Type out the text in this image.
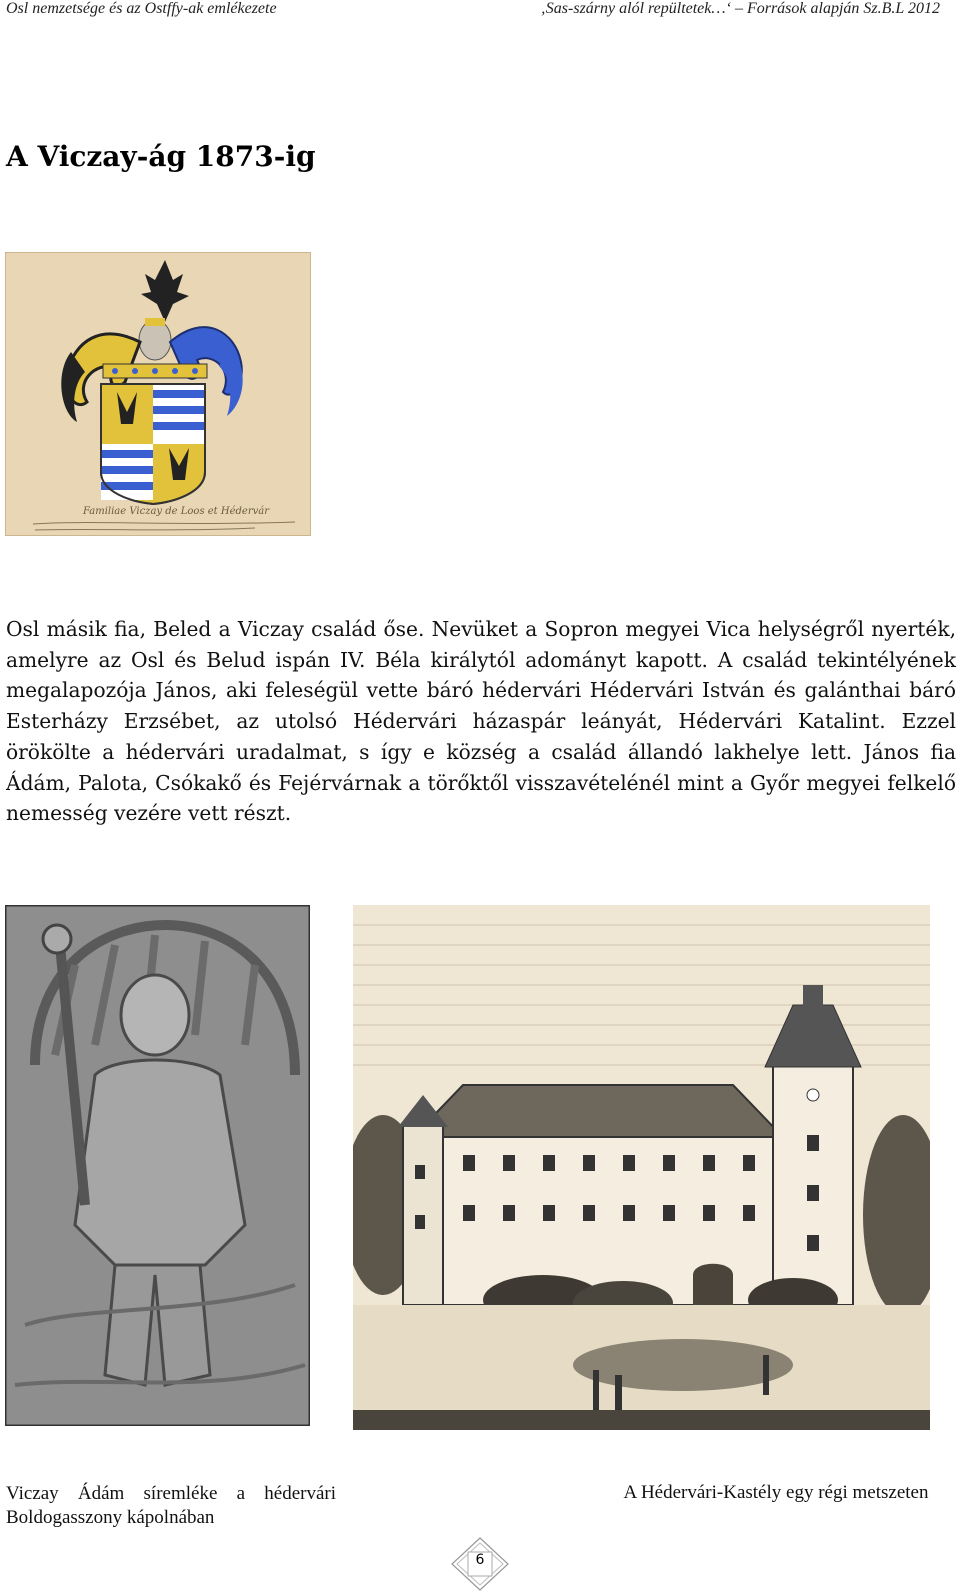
Osl nemzetsége és az Ostffy-ak emlékezete	‚Sas-szárny alól repültetek…‘ – Források alapján Sz.B.L 2012
A Viczay-ág 1873-ig
Familiae Viczay de Loos et Hédervár

Osl másik fia, Beled a Viczay család őse. Nevüket a Sopron megyei Vica helységről nyerték, amelyre az Osl és Belud ispán IV. Béla királytól adományt kapott. A család tekintélyének megalapozója János, aki feleségül vette báró hédervári Hédervári István és galánthai báró Esterházy Erzsébet, az utolsó Hédervári házaspár leányát, Hédervári Katalint. Ezzel örökölte a hédervári uradalmat, s így e község a család állandó lakhelye lett. János fia Ádám, Palota, Csókakő és Fejérvárnak a törőktől visszavételénél mint a Győr megyei felkelő nemesség vezére vett részt.

Viczay Ádám síremléke a hédervári Boldogasszony kápolnában
A Hédervári-Kastély egy régi metszeten
6
